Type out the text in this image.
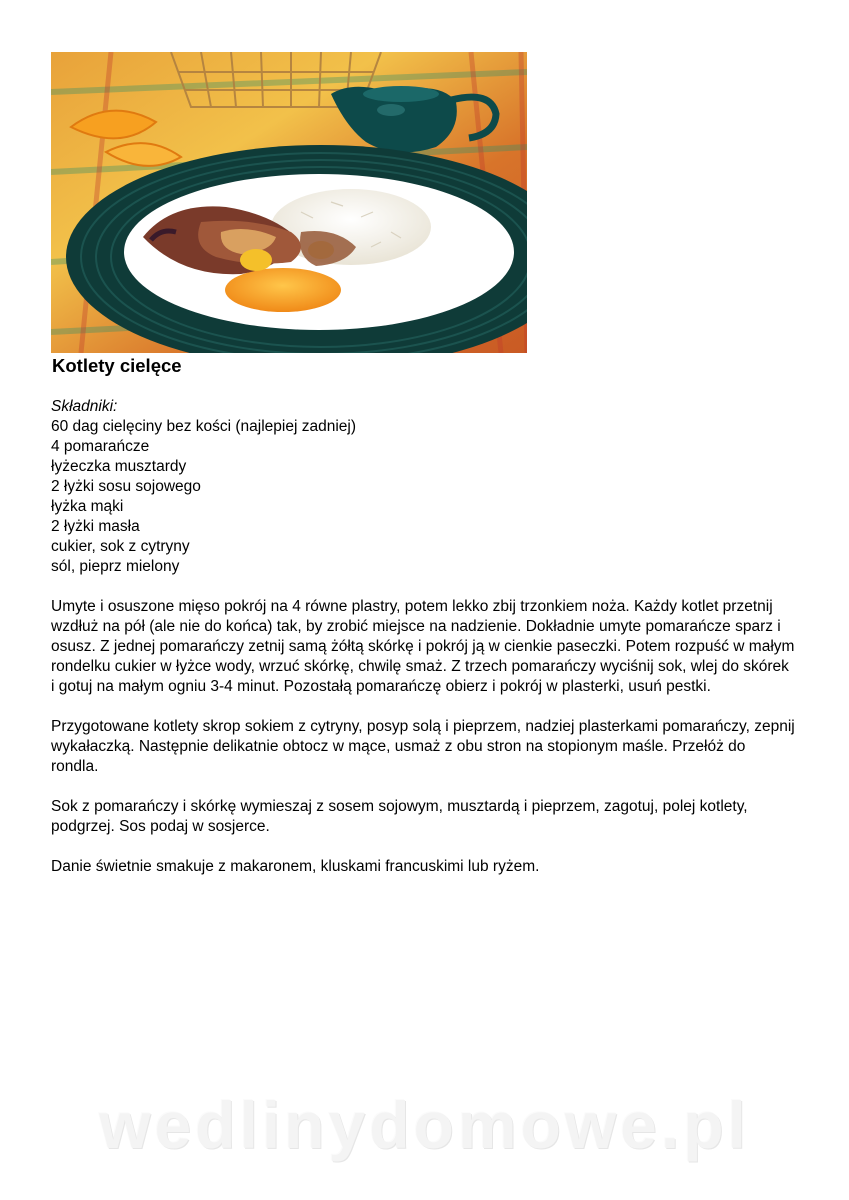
Kotlety cielęce

Składniki:
60 dag cielęciny bez kości (najlepiej zadniej)
4 pomarańcze
łyżeczka musztardy
2 łyżki sosu sojowego
łyżka mąki
2 łyżki masła
cukier, sok z cytryny
sól, pieprz mielony

Umyte i osuszone mięso pokrój na 4 równe plastry, potem lekko zbij trzonkiem noża. Każdy kotlet przetnij wzdłuż na pół (ale nie do końca) tak, by zrobić miejsce na nadzienie. Dokładnie umyte pomarańcze sparz i osusz. Z jednej pomarańczy zetnij samą żółtą skórkę i pokrój ją w cienkie paseczki. Potem rozpuść w małym rondelku cukier w łyżce wody, wrzuć skórkę, chwilę smaż. Z trzech pomarańczy wyciśnij sok, wlej do skórek i gotuj na małym ogniu 3-4 minut. Pozostałą pomarańczę obierz i pokrój w plasterki, usuń pestki.

Przygotowane kotlety skrop sokiem z cytryny, posyp solą i pieprzem, nadziej plasterkami pomarańczy, zepnij wykałaczką. Następnie delikatnie obtocz w mące, usmaż z obu stron na stopionym maśle. Przełóż do rondla.

Sok z pomarańczy i skórkę wymieszaj z sosem sojowym, musztardą i pieprzem, zagotuj, polej kotlety, podgrzej. Sos podaj w sosjerce.

Danie świetnie smakuje z makaronem, kluskami francuskimi lub ryżem.

wedlinydomowe.pl
